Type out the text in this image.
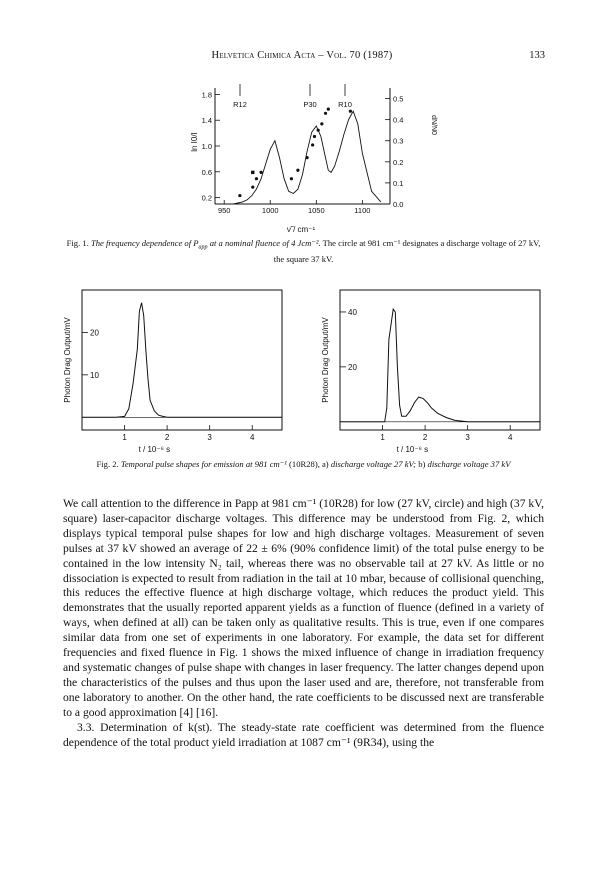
Helvetica Chimica Acta – Vol. 70 (1987)	133
1.8
1.4
1.0
0.6
0.2
0.5
0.4
0.3
0.2
0.1
0.0
950	1000	1050	1100
R12	P30	R10
ln I0/I
dN/N0
ν̃ / cm⁻¹
Fig. 1. The frequency dependence of $P_{app}$ at a nominal fluence of 4 Jcm⁻². The circle at 981 cm⁻¹ designates a discharge voltage of 27 kV, the square 37 kV.
20
10
1	2	3	4
Photon Drag Output/mV
t / 10⁻⁶ s
40
20
1	2	3	4
Photon Drag Output/mV
t / 10⁻⁶ s
Fig. 2. Temporal pulse shapes for emission at 981 cm⁻¹ (10R28), a) discharge voltage 27 kV; b) discharge voltage 37 kV

We call attention to the difference in Papp at 981 cm⁻¹ (10R28) for low (27 kV, circle) and high (37 kV, square) laser-capacitor discharge voltages. This difference may be understood from Fig. 2, which displays typical temporal pulse shapes for low and high discharge voltages. Measurement of seven pulses at 37 kV showed an average of 22 ± 6% (90% confidence limit) of the total pulse energy to be contained in the low intensity N₂ tail, whereas there was no observable tail at 27 kV. As little or no dissociation is expected to result from radiation in the tail at 10 mbar, because of collisional quenching, this reduces the effective fluence at high discharge voltage, which reduces the product yield. This demonstrates that the usually reported apparent yields as a function of fluence (defined in a variety of ways, when defined at all) can be taken only as qualitative results. This is true, even if one compares similar data from one set of experiments in one laboratory. For example, the data set for different frequencies and fixed fluence in Fig. 1 shows the mixed influence of change in irradiation frequency and systematic changes of pulse shape with changes in laser frequency. The latter changes depend upon the characteristics of the pulses and thus upon the laser used and are, therefore, not transferable from one laboratory to another. On the other hand, the rate coefficients to be discussed next are transferable to a good approximation [4] [16].

3.3. Determination of k(st). The steady-state rate coefficient was determined from the fluence dependence of the total product yield irradiation at 1087 cm⁻¹ (9R34), using the
